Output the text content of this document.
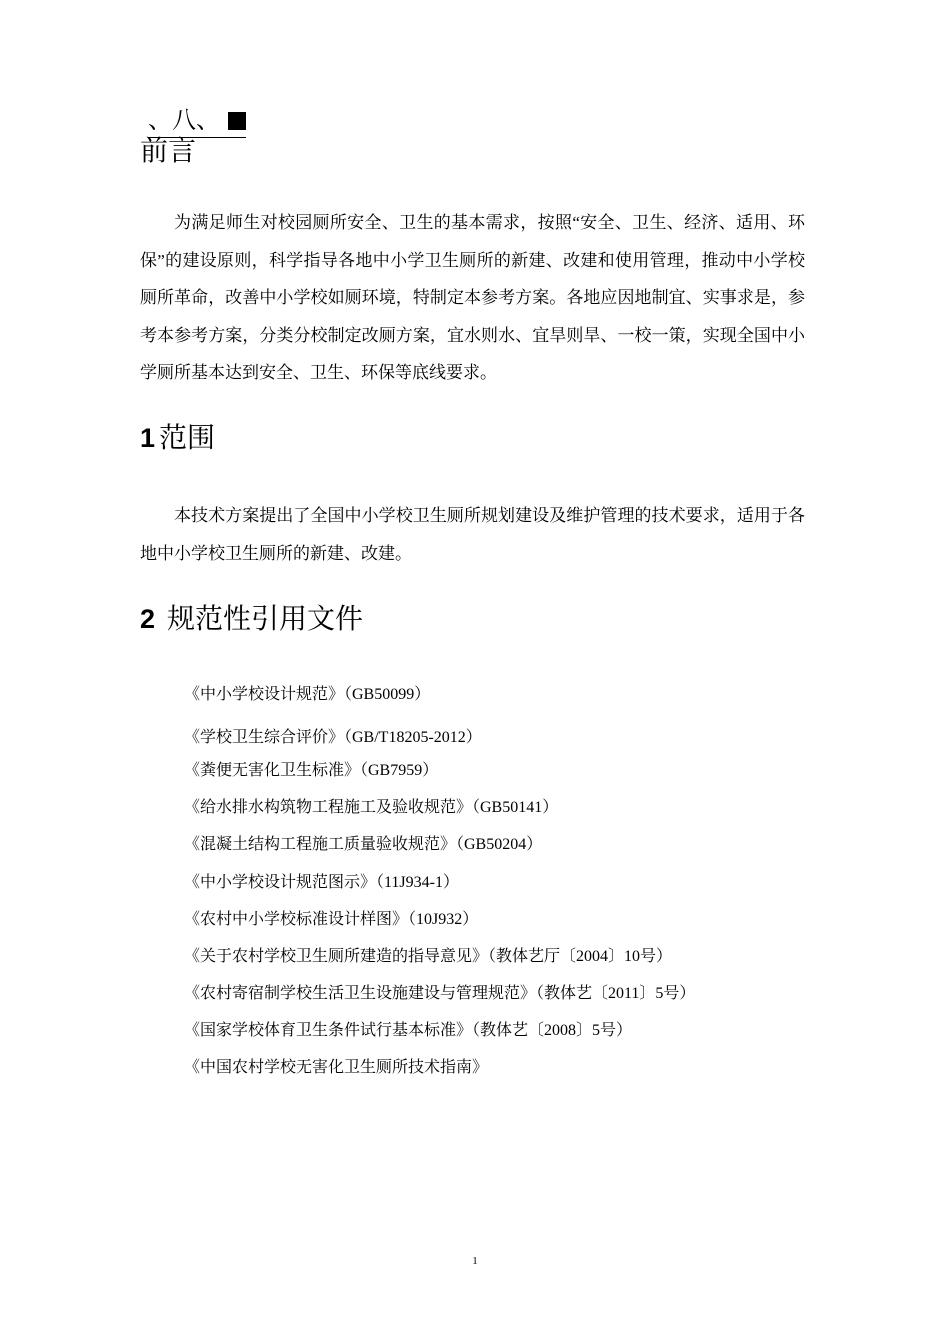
、八、
前言

为满足师生对校园厕所安全、卫生的基本需求，按照“安全、卫生、经济、适用、环保”的建设原则，科学指导各地中小学卫生厕所的新建、改建和使用管理，推动中小学校厕所革命，改善中小学校如厕环境，特制定本参考方案。各地应因地制宜、实事求是，参考本参考方案，分类分校制定改厕方案，宜水则水、宜旱则旱、一校一策，实现全国中小学厕所基本达到安全、卫生、环保等底线要求。

1 范围

本技术方案提出了全国中小学校卫生厕所规划建设及维护管理的技术要求，适用于各地中小学校卫生厕所的新建、改建。

2 规范性引用文件
《中小学校设计规范》（GB50099）
《学校卫生综合评价》（GB/T18205-2012）
《粪便无害化卫生标准》（GB7959）
《给水排水构筑物工程施工及验收规范》（GB50141）
《混凝土结构工程施工质量验收规范》（GB50204）
《中小学校设计规范图示》（11J934-1）
《农村中小学校标准设计样图》（10J932）
《关于农村学校卫生厕所建造的指导意见》（教体艺厅〔2004〕10号）
《农村寄宿制学校生活卫生设施建设与管理规范》（教体艺〔2011〕5号）
《国家学校体育卫生条件试行基本标准》（教体艺〔2008〕5号）
《中国农村学校无害化卫生厕所技术指南》
1
